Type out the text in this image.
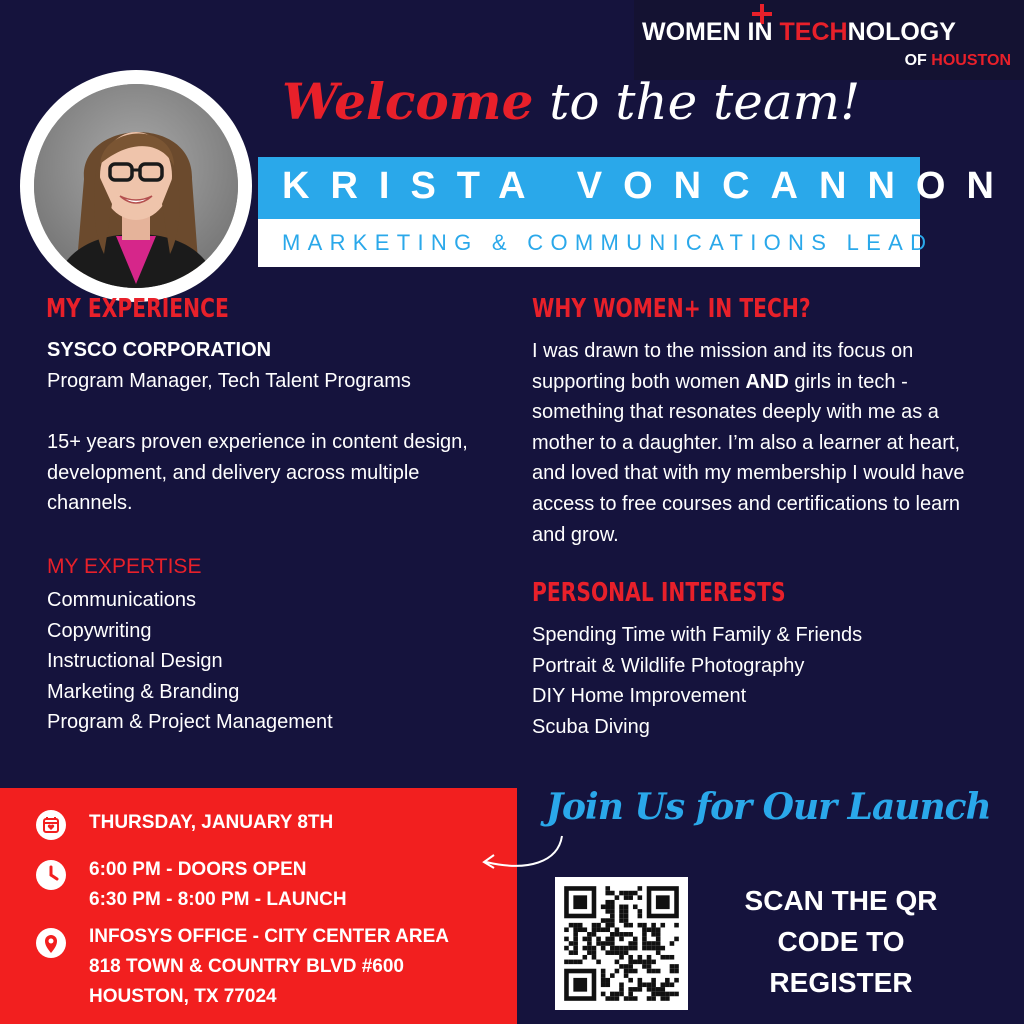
WOMEN IN TECHNOLOGY
OF HOUSTON
Welcome to the team!
KRISTA VONCANNON
MARKETING & COMMUNICATIONS LEAD
MY EXPERIENCE
SYSCO CORPORATION
Program Manager, Tech Talent Programs
15+ years proven experience in content design, development, and delivery across multiple channels.
MY EXPERTISE
Communications
Copywriting
Instructional Design
Marketing & Branding
Program & Project Management
WHY WOMEN+ IN TECH?
I was drawn to the mission and its focus on supporting both women AND girls in tech - something that resonates deeply with me as a mother to a daughter. I’m also a learner at heart, and loved that with my membership I would have access to free courses and certifications to learn and grow.
PERSONAL INTERESTS
Spending Time with Family & Friends
Portrait & Wildlife Photography
DIY Home Improvement
Scuba Diving
THURSDAY, JANUARY 8TH
6:00 PM - DOORS OPEN
6:30 PM - 8:00 PM - LAUNCH
INFOSYS OFFICE - CITY CENTER AREA
818 TOWN & COUNTRY BLVD #600
HOUSTON, TX 77024
Join Us for Our Launch
SCAN THE QR CODE TO REGISTER
